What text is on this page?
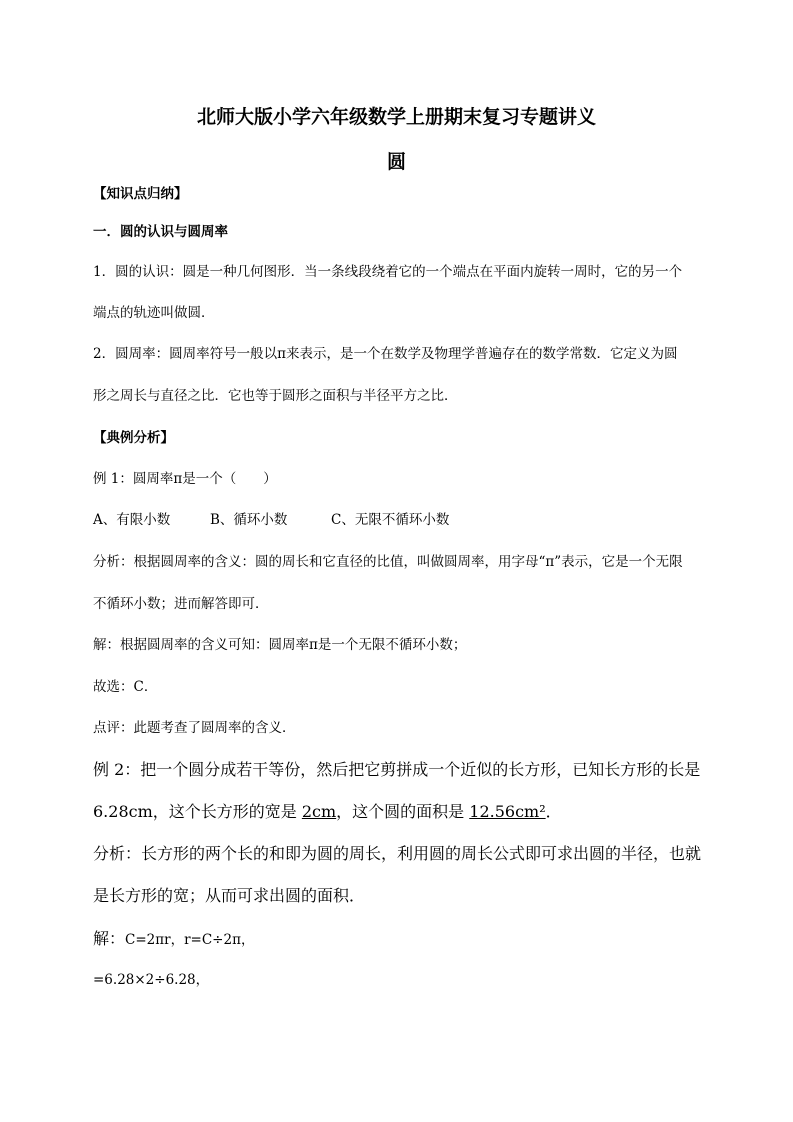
北师大版小学六年级数学上册期末复习专题讲义
圆
【知识点归纳】
一．圆的认识与圆周率
1．圆的认识：圆是一种几何图形．当一条线段绕着它的一个端点在平面内旋转一周时，它的另一个
端点的轨迹叫做圆．
2．圆周率：圆周率符号一般以π来表示，是一个在数学及物理学普遍存在的数学常数．它定义为圆
形之周长与直径之比．它也等于圆形之面积与半径平方之比．
【典例分析】
例 1：圆周率π是一个（　　）
A、有限小数	B、循环小数	C、无限不循环小数
分析：根据圆周率的含义：圆的周长和它直径的比值，叫做圆周率，用字母“π”表示，它是一个无限
不循环小数；进而解答即可．
解：根据圆周率的含义可知：圆周率π是一个无限不循环小数；
故选：C．
点评：此题考查了圆周率的含义．
例 2：把一个圆分成若干等份，然后把它剪拼成一个近似的长方形，已知长方形的长是
6.28cm，这个长方形的宽是 2cm，这个圆的面积是 12.56cm²．
分析：长方形的两个长的和即为圆的周长，利用圆的周长公式即可求出圆的半径，也就
是长方形的宽；从而可求出圆的面积．
解：C=2πr，r=C÷2π，
=6.28×2÷6.28，
